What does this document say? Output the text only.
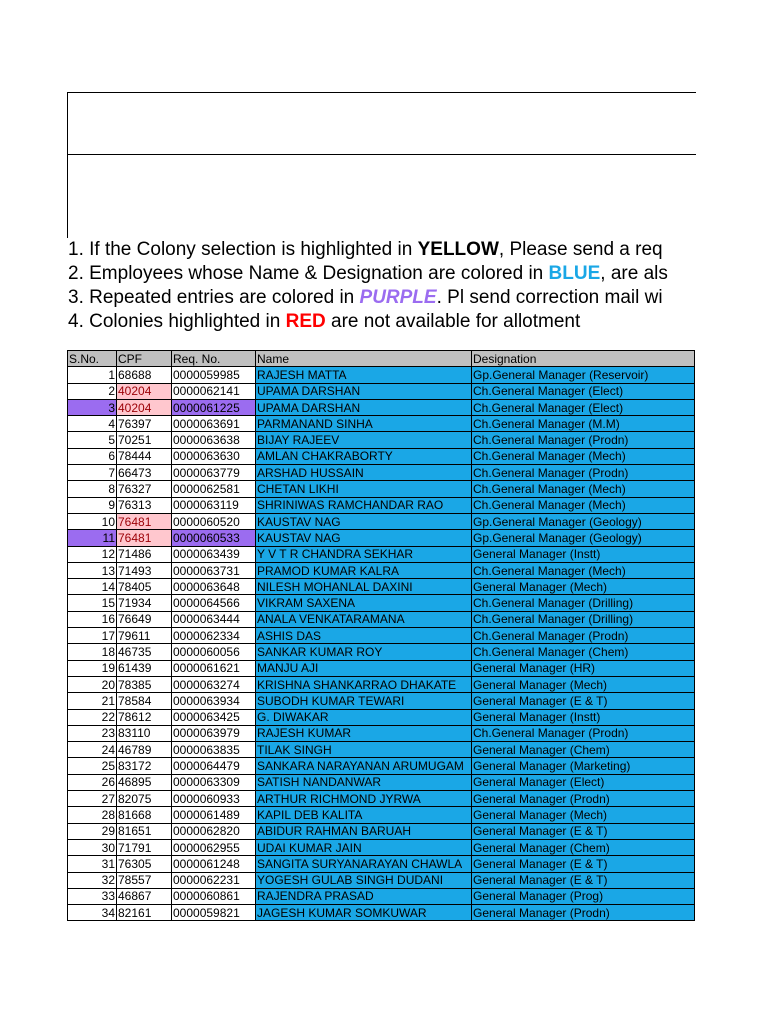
1. If the Colony selection is highlighted in YELLOW, Please send a req
2. Employees whose Name & Designation are colored in BLUE, are als
3. Repeated entries are colored in PURPLE. Pl send correction mail wi
4. Colonies highlighted in RED are not available for allotment
S.No.	CPF	Req. No.	Name	Designation
1	68688	0000059985	RAJESH MATTA	Gp.General Manager (Reservoir)
2	40204	0000062141	UPAMA DARSHAN	Ch.General Manager (Elect)
3	40204	0000061225	UPAMA DARSHAN	Ch.General Manager (Elect)
4	76397	0000063691	PARMANAND SINHA	Ch.General Manager (M.M)
5	70251	0000063638	BIJAY RAJEEV	Ch.General Manager (Prodn)
6	78444	0000063630	AMLAN CHAKRABORTY	Ch.General Manager (Mech)
7	66473	0000063779	ARSHAD HUSSAIN	Ch.General Manager (Prodn)
8	76327	0000062581	CHETAN LIKHI	Ch.General Manager (Mech)
9	76313	0000063119	SHRINIWAS RAMCHANDAR RAO	Ch.General Manager (Mech)
10	76481	0000060520	KAUSTAV NAG	Gp.General Manager (Geology)
11	76481	0000060533	KAUSTAV NAG	Gp.General Manager (Geology)
12	71486	0000063439	Y V T R CHANDRA SEKHAR	General Manager (Instt)
13	71493	0000063731	PRAMOD KUMAR KALRA	Ch.General Manager (Mech)
14	78405	0000063648	NILESH MOHANLAL DAXINI	General Manager (Mech)
15	71934	0000064566	VIKRAM SAXENA	Ch.General Manager (Drilling)
16	76649	0000063444	ANALA VENKATARAMANA	Ch.General Manager (Drilling)
17	79611	0000062334	ASHIS DAS	Ch.General Manager (Prodn)
18	46735	0000060056	SANKAR KUMAR ROY	Ch.General Manager (Chem)
19	61439	0000061621	MANJU AJI	General Manager (HR)
20	78385	0000063274	KRISHNA SHANKARRAO DHAKATE	General Manager (Mech)
21	78584	0000063934	SUBODH KUMAR TEWARI	General Manager (E & T)
22	78612	0000063425	G. DIWAKAR	General Manager (Instt)
23	83110	0000063979	RAJESH KUMAR	Ch.General Manager (Prodn)
24	46789	0000063835	TILAK SINGH	General Manager (Chem)
25	83172	0000064479	SANKARA NARAYANAN ARUMUGAM	General Manager (Marketing)
26	46895	0000063309	SATISH NANDANWAR	General Manager (Elect)
27	82075	0000060933	ARTHUR RICHMOND JYRWA	General Manager (Prodn)
28	81668	0000061489	KAPIL DEB KALITA	General Manager (Mech)
29	81651	0000062820	ABIDUR RAHMAN BARUAH	General Manager (E & T)
30	71791	0000062955	UDAI KUMAR JAIN	General Manager (Chem)
31	76305	0000061248	SANGITA SURYANARAYAN CHAWLA	General Manager (E & T)
32	78557	0000062231	YOGESH GULAB SINGH DUDANI	General Manager (E & T)
33	46867	0000060861	RAJENDRA PRASAD	General Manager (Prog)
34	82161	0000059821	JAGESH KUMAR SOMKUWAR	General Manager (Prodn)
